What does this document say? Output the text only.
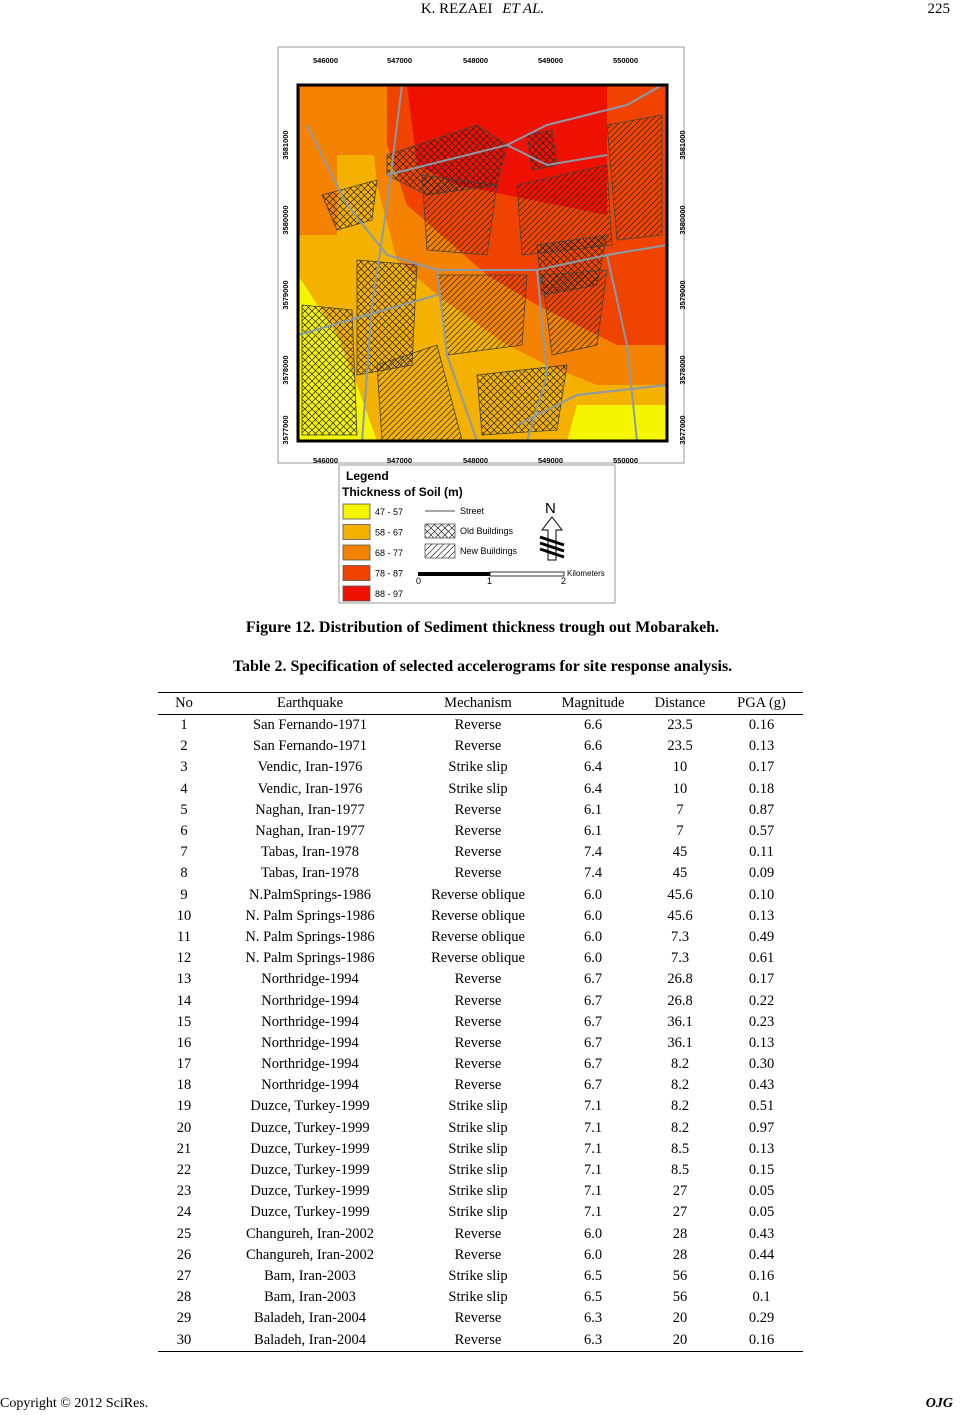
K. REZAEI ET AL.	225
546000	547000	548000	549000	550000
546000	547000	548000	549000	550000
3581000
3580000
3579000
3578000
3577000
3581000
3580000
3579000
3578000
3577000
Legend
Thickness of Soil (m)
47 - 57
58 - 67
68 - 77
78 - 87
88 - 97
Street
Old Buildings
New Buildings
N
0	1	2
Kilometers
Figure 12. Distribution of Sediment thickness trough out Mobarakeh.
Table 2. Specification of selected accelerograms for site response analysis.
No	Earthquake	Mechanism	Magnitude	Distance	PGA (g)
1	San Fernando-1971	Reverse	6.6	23.5	0.16
2	San Fernando-1971	Reverse	6.6	23.5	0.13
3	Vendic, Iran-1976	Strike slip	6.4	10	0.17
4	Vendic, Iran-1976	Strike slip	6.4	10	0.18
5	Naghan, Iran-1977	Reverse	6.1	7	0.87
6	Naghan, Iran-1977	Reverse	6.1	7	0.57
7	Tabas, Iran-1978	Reverse	7.4	45	0.11
8	Tabas, Iran-1978	Reverse	7.4	45	0.09
9	N.PalmSprings-1986	Reverse oblique	6.0	45.6	0.10
10	N. Palm Springs-1986	Reverse oblique	6.0	45.6	0.13
11	N. Palm Springs-1986	Reverse oblique	6.0	7.3	0.49
12	N. Palm Springs-1986	Reverse oblique	6.0	7.3	0.61
13	Northridge-1994	Reverse	6.7	26.8	0.17
14	Northridge-1994	Reverse	6.7	26.8	0.22
15	Northridge-1994	Reverse	6.7	36.1	0.23
16	Northridge-1994	Reverse	6.7	36.1	0.13
17	Northridge-1994	Reverse	6.7	8.2	0.30
18	Northridge-1994	Reverse	6.7	8.2	0.43
19	Duzce, Turkey-1999	Strike slip	7.1	8.2	0.51
20	Duzce, Turkey-1999	Strike slip	7.1	8.2	0.97
21	Duzce, Turkey-1999	Strike slip	7.1	8.5	0.13
22	Duzce, Turkey-1999	Strike slip	7.1	8.5	0.15
23	Duzce, Turkey-1999	Strike slip	7.1	27	0.05
24	Duzce, Turkey-1999	Strike slip	7.1	27	0.05
25	Changureh, Iran-2002	Reverse	6.0	28	0.43
26	Changureh, Iran-2002	Reverse	6.0	28	0.44
27	Bam, Iran-2003	Strike slip	6.5	56	0.16
28	Bam, Iran-2003	Strike slip	6.5	56	0.1
29	Baladeh, Iran-2004	Reverse	6.3	20	0.29
30	Baladeh, Iran-2004	Reverse	6.3	20	0.16
Copyright © 2012 SciRes.	OJG
